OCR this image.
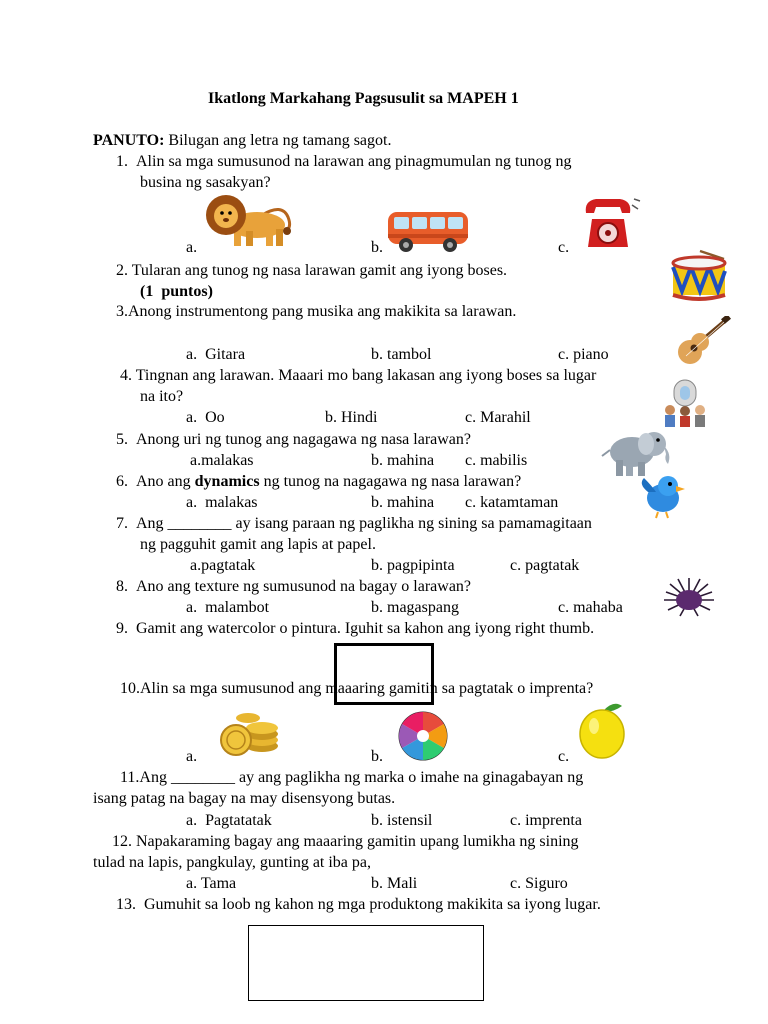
Ikatlong Markahang Pagsusulit sa MAPEH 1
PANUTO: Bilugan ang letra ng tamang sagot.
1.  Alin sa mga sumusunod na larawan ang pinagmumulan ng tunog ng
busina ng sasakyan?
a.	b.	c.
2. Tularan ang tunog ng nasa larawan gamit ang iyong boses.
(1  puntos)
3.Anong instrumentong pang musika ang makikita sa larawan.
a.  Gitara	b. tambol	c. piano
4. Tingnan ang larawan. Maaari mo bang lakasan ang iyong boses sa lugar
na ito?
a.  Oo	b. Hindi	c. Marahil
5.  Anong uri ng tunog ang nagagawa ng nasa larawan?
a.malakas	b. mahina c. mabilis
6.  Ano ang dynamics ng tunog na nagagawa ng nasa larawan?
a.  malakas	b. mahina c. katamtaman
7.  Ang ________ ay isang paraan ng paglikha ng sining sa pamamagitaan
ng pagguhit gamit ang lapis at papel.
a.pagtatak	b. pagpipinta	c. pagtatak
8.  Ano ang texture ng sumusunod na bagay o larawan?
a.  malambot	b. magaspang	c. mahaba
9.  Gamit ang watercolor o pintura. Iguhit sa kahon ang iyong right thumb.
10.Alin sa mga sumusunod ang maaaring gamitin sa pagtatak o imprenta?
a.	b.	c.
11.Ang ________ ay ang paglikha ng marka o imahe na ginagabayan ng
isang patag na bagay na may disensyong butas.
a.  Pagtatatak	b. istensil	c. imprenta
12. Napakaraming bagay ang maaaring gamitin upang lumikha ng sining
tulad na lapis, pangkulay, gunting at iba pa,
a. Tama	b. Mali	c. Siguro
13.  Gumuhit sa loob ng kahon ng mga produktong makikita sa iyong lugar.
